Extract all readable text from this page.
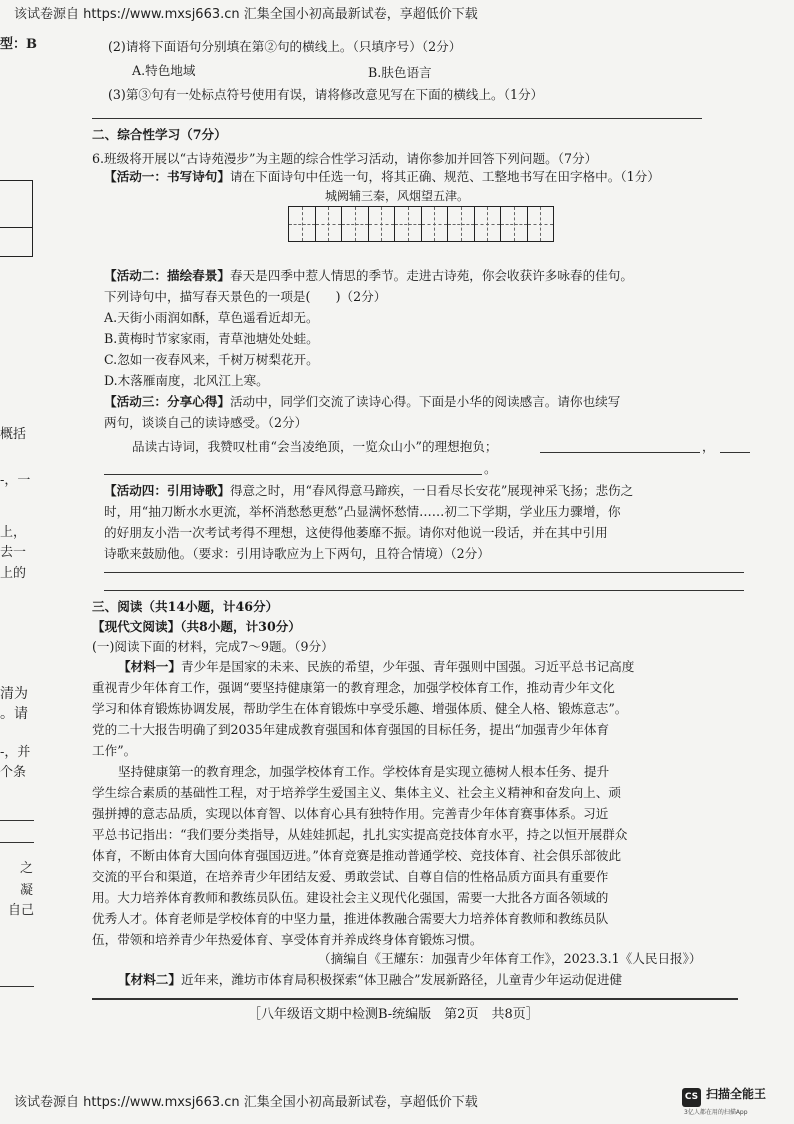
该试卷源自 https://www.mxsj663.cn 汇集全国小初高最新试卷，享超低价下载
型：B
概括
-，一
上，
去一
上的
清为
。请
-，并
个条
之
凝
自己
(2)请将下面语句分别填在第②句的横线上。（只填序号）（2分）
A.特色地域	B.肤色语言
(3)第③句有一处标点符号使用有误，请将修改意见写在下面的横线上。（1分）
二、综合性学习（7分）
6.班级将开展以“古诗苑漫步”为主题的综合性学习活动，请你参加并回答下列问题。（7分）
【活动一：书写诗句】请在下面诗句中任选一句，将其正确、规范、工整地书写在田字格中。（1分）
城阙辅三秦，风烟望五津。
【活动二：描绘春景】春天是四季中惹人情思的季节。走进古诗苑，你会收获许多咏春的佳句。
下列诗句中，描写春天景色的一项是(　　)（2分）
A.天街小雨润如酥，草色遥看近却无。
B.黄梅时节家家雨，青草池塘处处蛙。
C.忽如一夜春风来，千树万树梨花开。
D.木落雁南度，北风江上寒。
【活动三：分享心得】活动中，同学们交流了读诗心得。下面是小华的阅读感言。请你也续写
两句，谈谈自己的读诗感受。（2分）
品读古诗词，我赞叹杜甫“会当凌绝顶，一览众山小”的理想抱负；	，
。
【活动四：引用诗歌】得意之时，用“春风得意马蹄疾，一日看尽长安花”展现神采飞扬；悲伤之
时，用“抽刀断水水更流，举杯消愁愁更愁”凸显满怀愁情……初二下学期，学业压力骤增，你
的好朋友小浩一次考试考得不理想，这使得他萎靡不振。请你对他说一段话，并在其中引用
诗歌来鼓励他。（要求：引用诗歌应为上下两句，且符合情境）（2分）
三、阅读（共14小题，计46分）
【现代文阅读】（共8小题，计30分）
(一)阅读下面的材料，完成7～9题。（9分）
【材料一】青少年是国家的未来、民族的希望，少年强、青年强则中国强。习近平总书记高度
重视青少年体育工作，强调“要坚持健康第一的教育理念，加强学校体育工作，推动青少年文化
学习和体育锻炼协调发展，帮助学生在体育锻炼中享受乐趣、增强体质、健全人格、锻炼意志”。
党的二十大报告明确了到2035年建成教育强国和体育强国的目标任务，提出“加强青少年体育
工作”。
坚持健康第一的教育理念，加强学校体育工作。学校体育是实现立德树人根本任务、提升
学生综合素质的基础性工程，对于培养学生爱国主义、集体主义、社会主义精神和奋发向上、顽
强拼搏的意志品质，实现以体育智、以体育心具有独特作用。完善青少年体育赛事体系。习近
平总书记指出：“我们要分类指导，从娃娃抓起，扎扎实实提高竞技体育水平，持之以恒开展群众
体育，不断由体育大国向体育强国迈进。”体育竞赛是推动普通学校、竞技体育、社会俱乐部彼此
交流的平台和渠道，在培养青少年团结友爱、勇敢尝试、自尊自信的性格品质方面具有重要作
用。大力培养体育教师和教练员队伍。建设社会主义现代化强国，需要一大批各方面各领域的
优秀人才。体育老师是学校体育的中坚力量，推进体教融合需要大力培养体育教师和教练员队
伍，带领和培养青少年热爱体育、享受体育并养成终身体育锻炼习惯。
（摘编自《王耀东：加强青少年体育工作》，2023.3.1《人民日报》）
【材料二】近年来，潍坊市体育局积极探索“体卫融合”发展新路径，儿童青少年运动促进健
［八年级语文期中检测B-统编版　第2页　共8页］
该试卷源自 https://www.mxsj663.cn 汇集全国小初高最新试卷，享超低价下载	CS 扫描全能王
3亿人都在用的扫描App
